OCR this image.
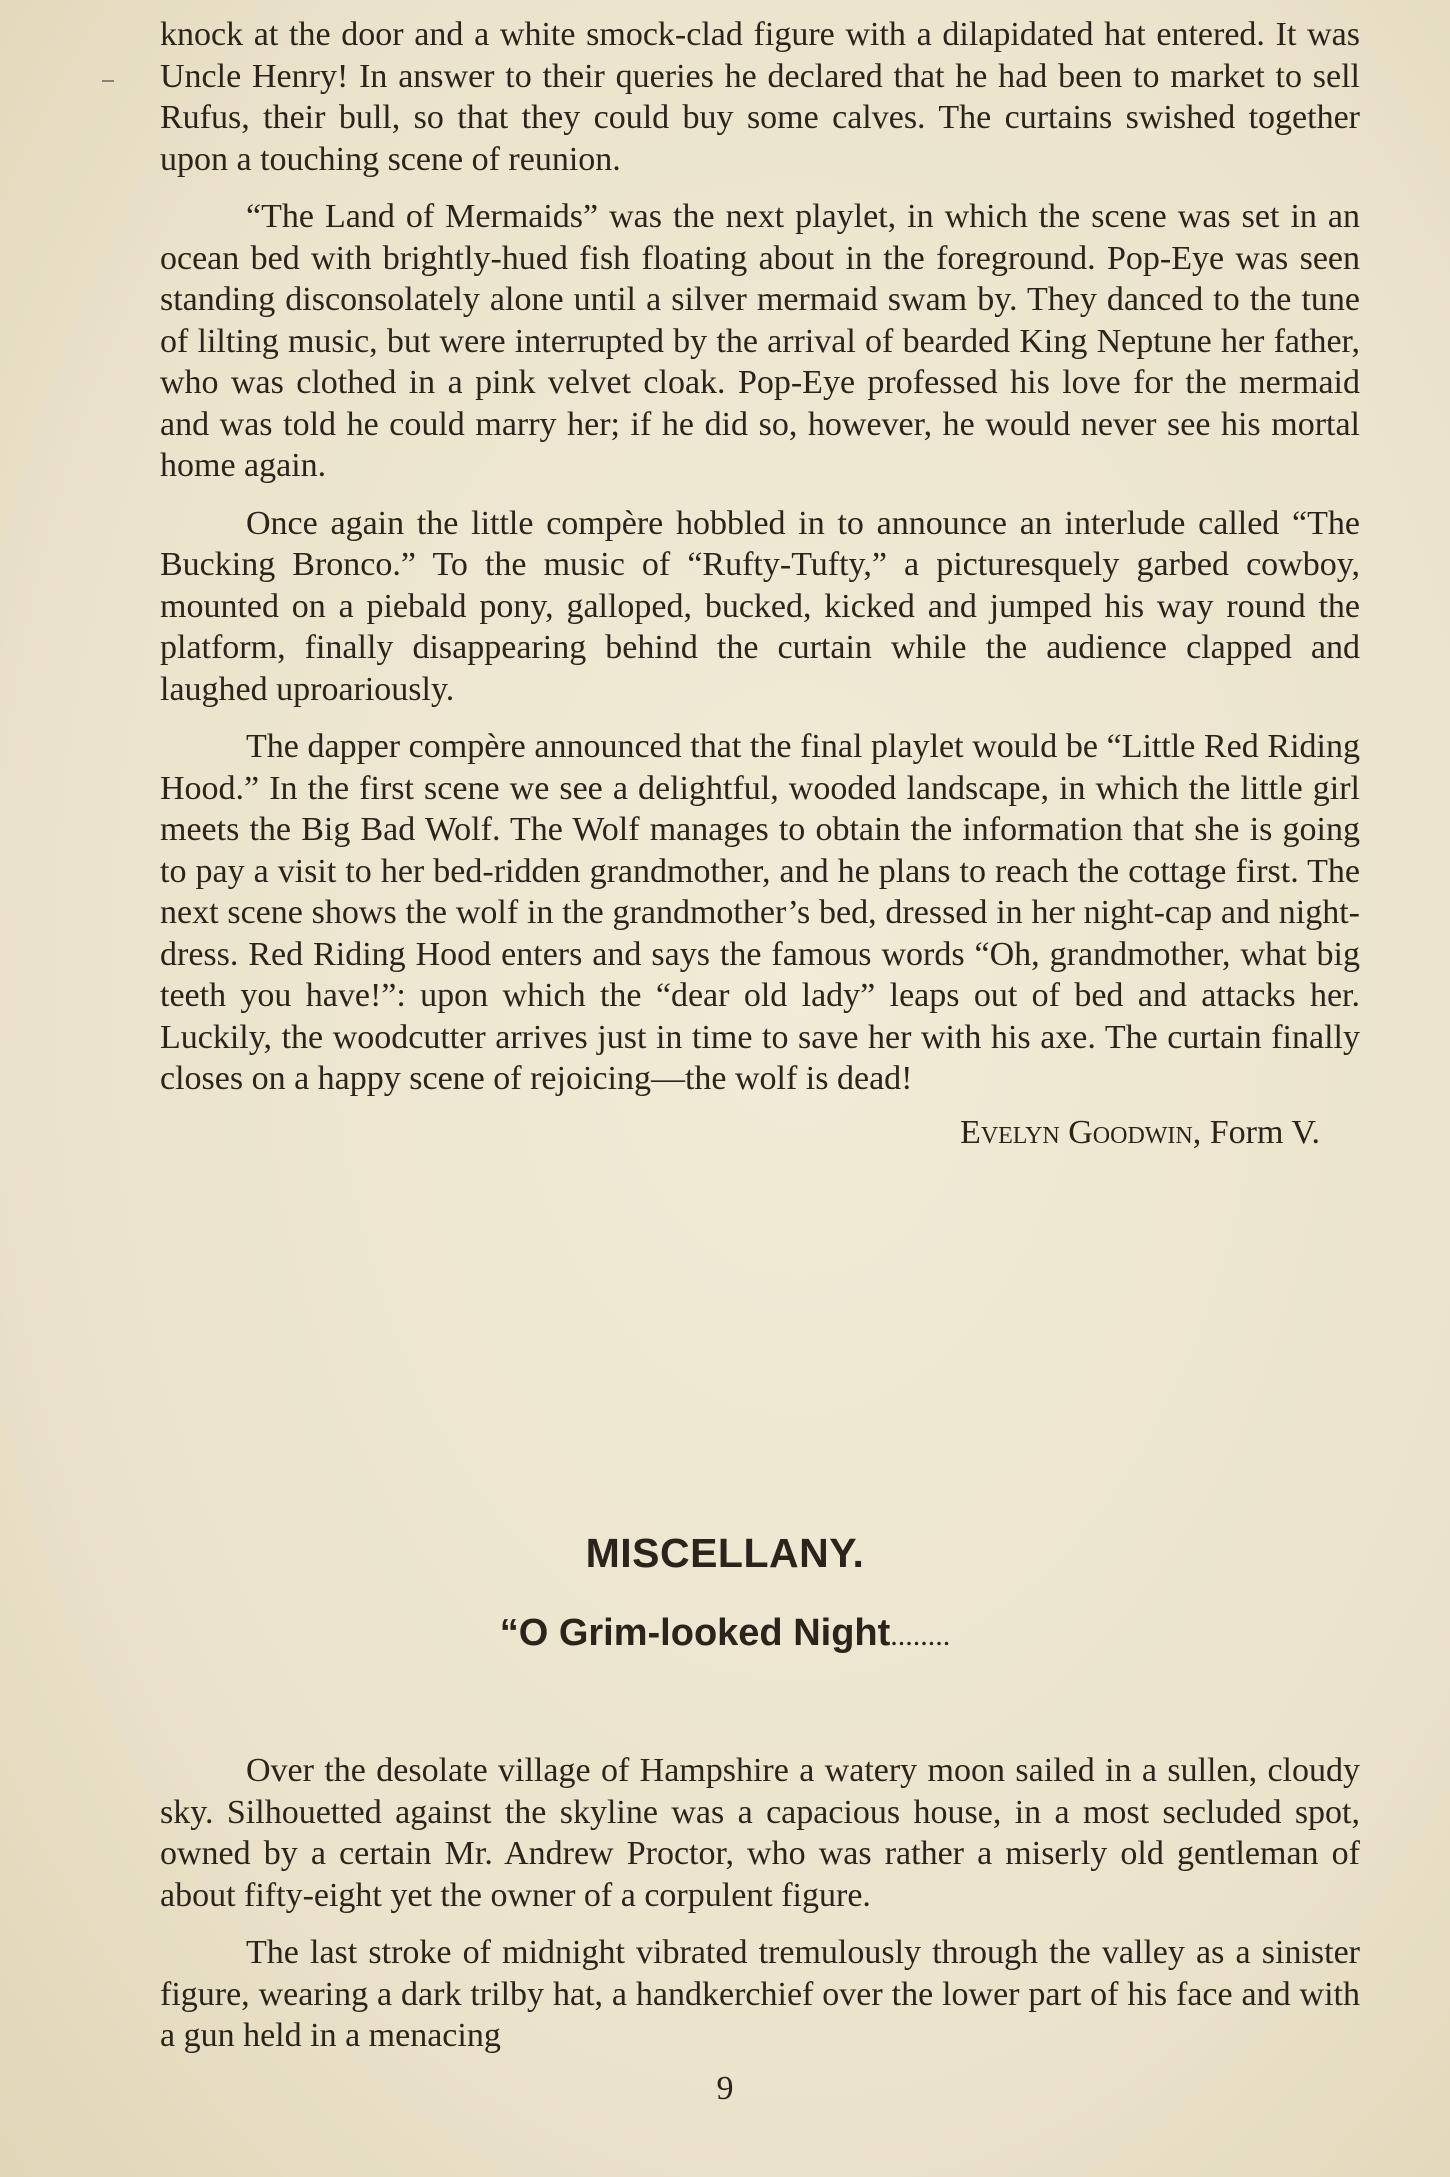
knock at the door and a white smock-clad figure with a dilapidated hat entered. It was Uncle Henry! In answer to their queries he declared that he had been to market to sell Rufus, their bull, so that they could buy some calves. The curtains swished together upon a touching scene of reunion.

“The Land of Mermaids” was the next playlet, in which the scene was set in an ocean bed with brightly-hued fish floating about in the foreground. Pop-Eye was seen standing disconsolately alone until a silver mermaid swam by. They danced to the tune of lilting music, but were interrupted by the arrival of bearded King Neptune her father, who was clothed in a pink velvet cloak. Pop-Eye professed his love for the mermaid and was told he could marry her; if he did so, however, he would never see his mortal home again.

Once again the little compère hobbled in to announce an interlude called “The Bucking Bronco.” To the music of “Rufty-Tufty,” a picturesquely garbed cowboy, mounted on a piebald pony, galloped, bucked, kicked and jumped his way round the platform, finally disappearing behind the curtain while the audience clapped and laughed uproariously.

The dapper compère announced that the final playlet would be “Little Red Riding Hood.” In the first scene we see a delightful, wooded landscape, in which the little girl meets the Big Bad Wolf. The Wolf manages to obtain the information that she is going to pay a visit to her bed-ridden grandmother, and he plans to reach the cottage first. The next scene shows the wolf in the grandmother’s bed, dressed in her night-cap and night-dress. Red Riding Hood enters and says the famous words “Oh, grandmother, what big teeth you have!”: upon which the “dear old lady” leaps out of bed and attacks her. Luckily, the woodcutter arrives just in time to save her with his axe. The curtain finally closes on a happy scene of rejoicing—the wolf is dead!

Evelyn Goodwin, Form V.
MISCELLANY.
“O Grim-looked Night........

Over the desolate village of Hampshire a watery moon sailed in a sullen, cloudy sky. Silhouetted against the skyline was a capacious house, in a most secluded spot, owned by a certain Mr. Andrew Proctor, who was rather a miserly old gentleman of about fifty-eight yet the owner of a corpulent figure.

The last stroke of midnight vibrated tremulously through the valley as a sinister figure, wearing a dark trilby hat, a handkerchief over the lower part of his face and with a gun held in a menacing

9
